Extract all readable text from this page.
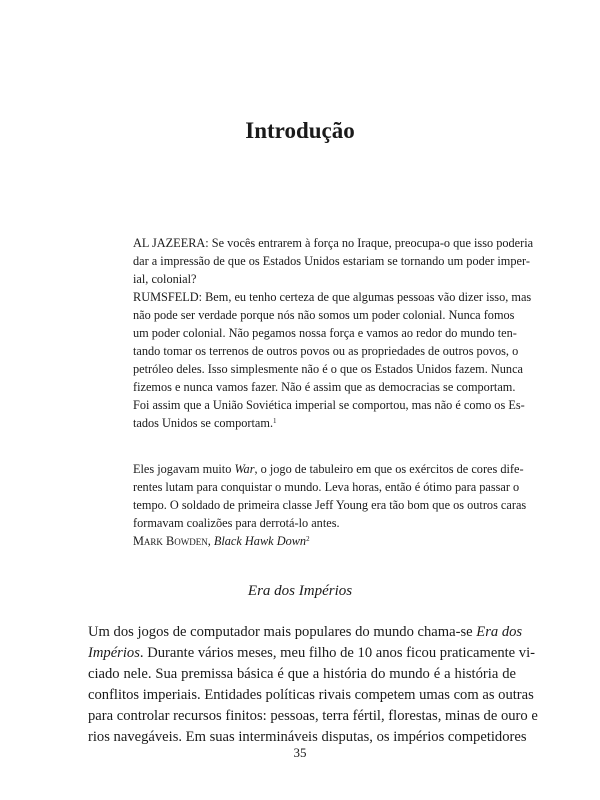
Introdução
AL JAZEERA: Se vocês entrarem à força no Iraque, preocupa-o que isso poderia
dar a impressão de que os Estados Unidos estariam se tornando um poder imper-
ial, colonial?
RUMSFELD: Bem, eu tenho certeza de que algumas pessoas vão dizer isso, mas
não pode ser verdade porque nós não somos um poder colonial. Nunca fomos
um poder colonial. Não pegamos nossa força e vamos ao redor do mundo ten-
tando tomar os terrenos de outros povos ou as propriedades de outros povos, o
petróleo deles. Isso simplesmente não é o que os Estados Unidos fazem. Nunca
fizemos e nunca vamos fazer. Não é assim que as democracias se comportam.
Foi assim que a União Soviética imperial se comportou, mas não é como os Es-
tados Unidos se comportam.$^1$
Eles jogavam muito War, o jogo de tabuleiro em que os exércitos de cores dife-
rentes lutam para conquistar o mundo. Leva horas, então é ótimo para passar o
tempo. O soldado de primeira classe Jeff Young era tão bom que os outros caras
formavam coalizões para derrotá-lo antes.
Mark Bowden, Black Hawk Down$^2$
Era dos Impérios
Um dos jogos de computador mais populares do mundo chama-se Era dos
Impérios. Durante vários meses, meu filho de 10 anos ficou praticamente vi-
ciado nele. Sua premissa básica é que a história do mundo é a história de
conflitos imperiais. Entidades políticas rivais competem umas com as outras
para controlar recursos finitos: pessoas, terra fértil, florestas, minas de ouro e
rios navegáveis. Em suas intermináveis disputas, os impérios competidores
35
